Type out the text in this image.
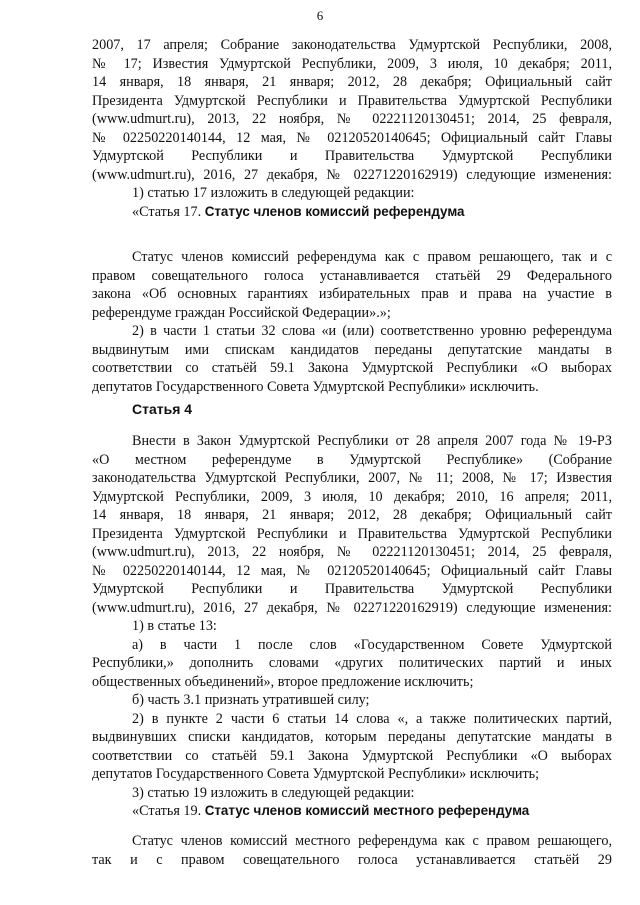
6
2007, 17 апреля; Собрание законодательства Удмуртской Республики, 2008,
№ 17; Известия Удмуртской Республики, 2009, 3 июля, 10 декабря; 2011,
14 января, 18 января, 21 января; 2012, 28 декабря; Официальный сайт
Президента Удмуртской Республики и Правительства Удмуртской Республики
(www.udmurt.ru), 2013, 22 ноября, № 02221120130451; 2014, 25 февраля,
№ 02250220140144, 12 мая, № 02120520140645; Официальный сайт Главы
Удмуртской Республики и Правительства Удмуртской Республики
(www.udmurt.ru), 2016, 27 декабря, № 02271220162919) следующие изменения:
1) статью 17 изложить в следующей редакции:
«Статья 17. Статус членов комиссий референдума
Статус членов комиссий референдума как с правом решающего, так и с
правом совещательного голоса устанавливается статьёй 29 Федерального
закона «Об основных гарантиях избирательных прав и права на участие в
референдуме граждан Российской Федерации».»;
2) в части 1 статьи 32 слова «и (или) соответственно уровню референдума
выдвинутым ими спискам кандидатов переданы депутатские мандаты в
соответствии со статьёй 59.1 Закона Удмуртской Республики «О выборах
депутатов Государственного Совета Удмуртской Республики» исключить.
Статья 4
Внести в Закон Удмуртской Республики от 28 апреля 2007 года № 19-РЗ
«О местном референдуме в Удмуртской Республике» (Собрание
законодательства Удмуртской Республики, 2007, № 11; 2008, № 17; Известия
Удмуртской Республики, 2009, 3 июля, 10 декабря; 2010, 16 апреля; 2011,
14 января, 18 января, 21 января; 2012, 28 декабря; Официальный сайт
Президента Удмуртской Республики и Правительства Удмуртской Республики
(www.udmurt.ru), 2013, 22 ноября, № 02221120130451; 2014, 25 февраля,
№ 02250220140144, 12 мая, № 02120520140645; Официальный сайт Главы
Удмуртской Республики и Правительства Удмуртской Республики
(www.udmurt.ru), 2016, 27 декабря, № 02271220162919) следующие изменения:
1) в статье 13:
а) в части 1 после слов «Государственном Совете Удмуртской
Республики,» дополнить словами «других политических партий и иных
общественных объединений», второе предложение исключить;
б) часть 3.1 признать утратившей силу;
2) в пункте 2 части 6 статьи 14 слова «, а также политических партий,
выдвинувших списки кандидатов, которым переданы депутатские мандаты в
соответствии со статьёй 59.1 Закона Удмуртской Республики «О выборах
депутатов Государственного Совета Удмуртской Республики» исключить;
3) статью 19 изложить в следующей редакции:
«Статья 19. Статус членов комиссий местного референдума
Статус членов комиссий местного референдума как с правом решающего,
так и с правом совещательного голоса устанавливается статьёй 29
